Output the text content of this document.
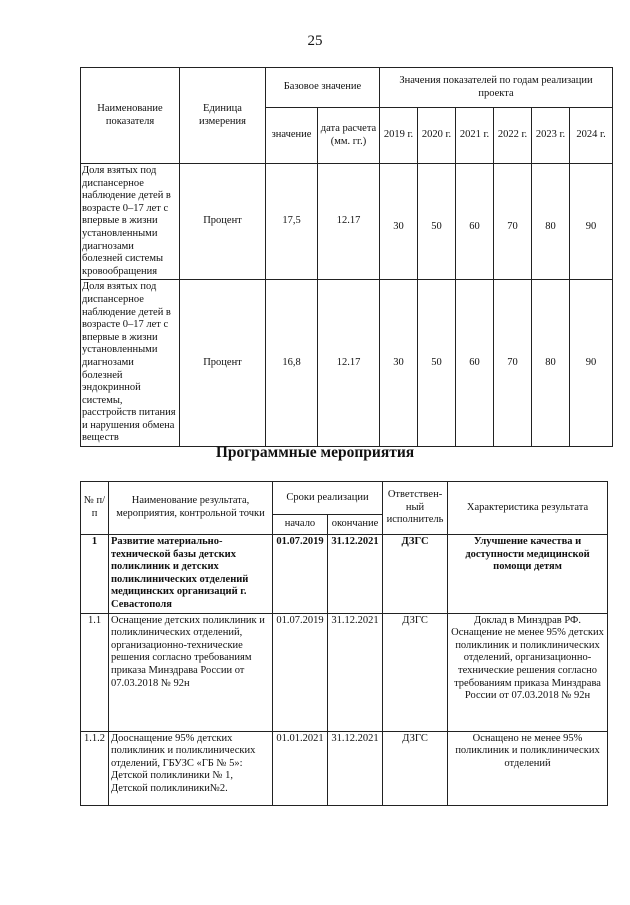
25
Наименование показателя	Единица измерения	Базовое значение		Значения показателей по годам реализации проекта					
		значение	дата расчета (мм. гг.)	2019 г.	2020 г.	2021 г.	2022 г.	2023 г.	2024 г.
Доля взятых под диспансерное наблюдение детей в возрасте 0–17 лет с впервые в жизни установленными диагнозами болезней системы кровообращения	Процент	17,5	12.17	30	50	60	70	80	90
Доля взятых под диспансерное наблюдение детей в возрасте 0–17 лет с впервые в жизни установленными диагнозами болезней эндокринной системы, расстройств питания и нарушения обмена веществ	Процент	16,8	12.17	30	50	60	70	80	90
Программные мероприятия
№ п/п	Наименование результата, мероприятия, контрольной точки	Сроки реализации		Ответствен-ный исполнитель	Характеристика результата
		начало	окончание		
1	Развитие материально-технической базы детских поликлиник и детских поликлинических отделений медицинских организаций г. Севастополя	01.07.2019	31.12.2021	ДЗГС	Улучшение качества и доступности медицинской помощи детям
1.1	Оснащение детских поликлиник и поликлинических отделений, организационно-технические решения согласно требованиям приказа Минздрава России от 07.03.2018 № 92н	01.07.2019	31.12.2021	ДЗГС	Доклад в Минздрав РФ. Оснащение не менее 95% детских поликлиник и поликлинических отделений, организационно-технические решения согласно требованиям приказа Минздрава России от 07.03.2018 № 92н
1.1.2	Дооснащение 95% детских поликлиник и поликлинических отделений, ГБУЗС «ГБ № 5»: Детской поликлиники № 1, Детской поликлиники№2.	01.01.2021	31.12.2021	ДЗГС	Оснащено не менее 95% поликлиник и поликлинических отделений
